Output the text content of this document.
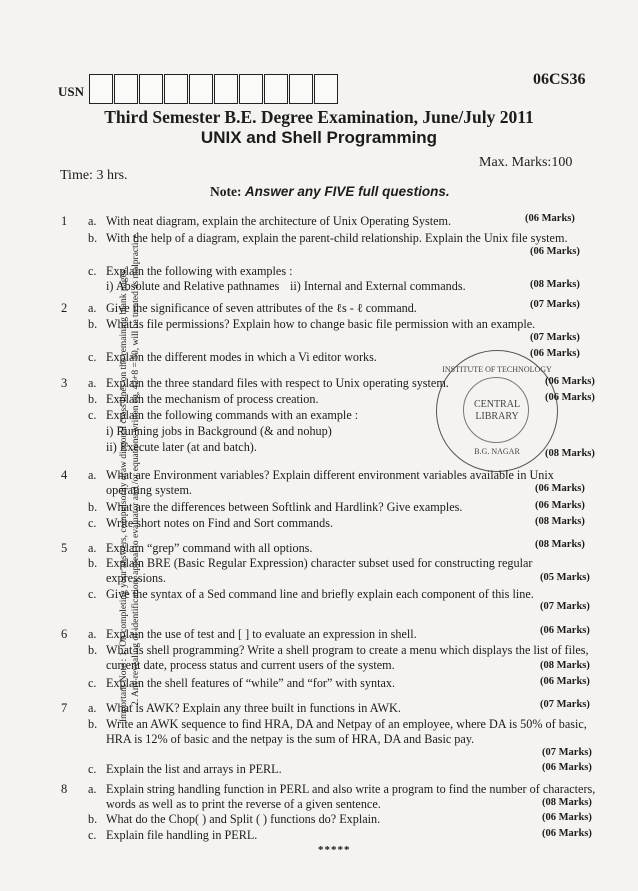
Important Note : 1. On completing your answers, compulsorily draw diagonal cross lines on the remaining blank pages. 2. Any revealing of identification, appeal to evaluator and /or equations written eg, 42+8 = 50, will be treated as malpractice.
USN
06CS36
Third Semester B.E. Degree Examination, June/July 2011
UNIX and Shell Programming
Time: 3 hrs.
Max. Marks:100
Note: Answer any FIVE full questions.
INSTITUTE OF TECHNOLOGY
CENTRAL
LIBRARY
B.G. NAGAR
1 a. With neat diagram, explain the architecture of Unix Operating System.	(06 Marks)
b. With the help of a diagram, explain the parent-child relationship. Explain the Unix file system.
(06 Marks)
c. Explain the following with examples :
i) Absolute and Relative pathnames ii) Internal and External commands.	(08 Marks)
2 a. Give the significance of seven attributes of the ℓs - ℓ command.	(07 Marks)
b. What is file permissions? Explain how to change basic file permission with an example.
(07 Marks)
c. Explain the different modes in which a Vi editor works.	(06 Marks)
3 a. Explain the three standard files with respect to Unix operating system.	(06 Marks)
b. Explain the mechanism of process creation.	(06 Marks)
c. Explain the following commands with an example :
i) Running jobs in Background (& and nohup)
ii) Execute later (at and batch).	(08 Marks)
4 a. What are Environment variables? Explain different environment variables available in Unix operating system.	(06 Marks)
b. What are the differences between Softlink and Hardlink? Give examples.	(06 Marks)
c. Write short notes on Find and Sort commands.	(08 Marks)
5 a. Explain “grep” command with all options.	(08 Marks)
b. Explain BRE (Basic Regular Expression) character subset used for constructing regular expressions.	(05 Marks)
c. Give the syntax of a Sed command line and briefly explain each component of this line.
(07 Marks)
6 a. Explain the use of test and [ ] to evaluate an expression in shell.	(06 Marks)
b. What is shell programming? Write a shell program to create a menu which displays the list of files, current date, process status and current users of the system.	(08 Marks)
c. Explain the shell features of “while” and “for” with syntax.	(06 Marks)
7 a. What is AWK? Explain any three built in functions in AWK.	(07 Marks)
b. Write an AWK sequence to find HRA, DA and Netpay of an employee, where DA is 50% of basic, HRA is 12% of basic and the netpay is the sum of HRA, DA and Basic pay.
(07 Marks)
c. Explain the list and arrays in PERL.	(06 Marks)
8 a. Explain string handling function in PERL and also write a program to find the number of characters, words as well as to print the reverse of a given sentence.	(08 Marks)
b. What do the Chop( ) and Split ( ) functions do? Explain.	(06 Marks)
c. Explain file handling in PERL.	(06 Marks)
*****
